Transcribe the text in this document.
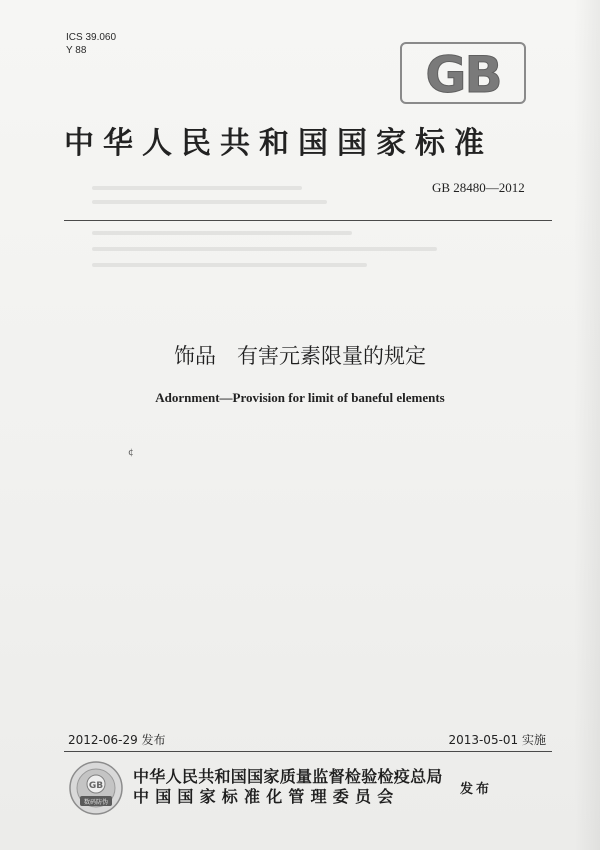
ICS 39.060
Y 88	GB
中华人民共和国国家标准
GB 28480—2012
饰品　有害元素限量的规定
Adornment—Provision for limit of baneful elements
¢
2012-06-29 发布	2013-05-01 实施
GB
数码防伪
中华人民共和国国家质量监督检验检疫总局
中国国家标准化管理委员会	发布
